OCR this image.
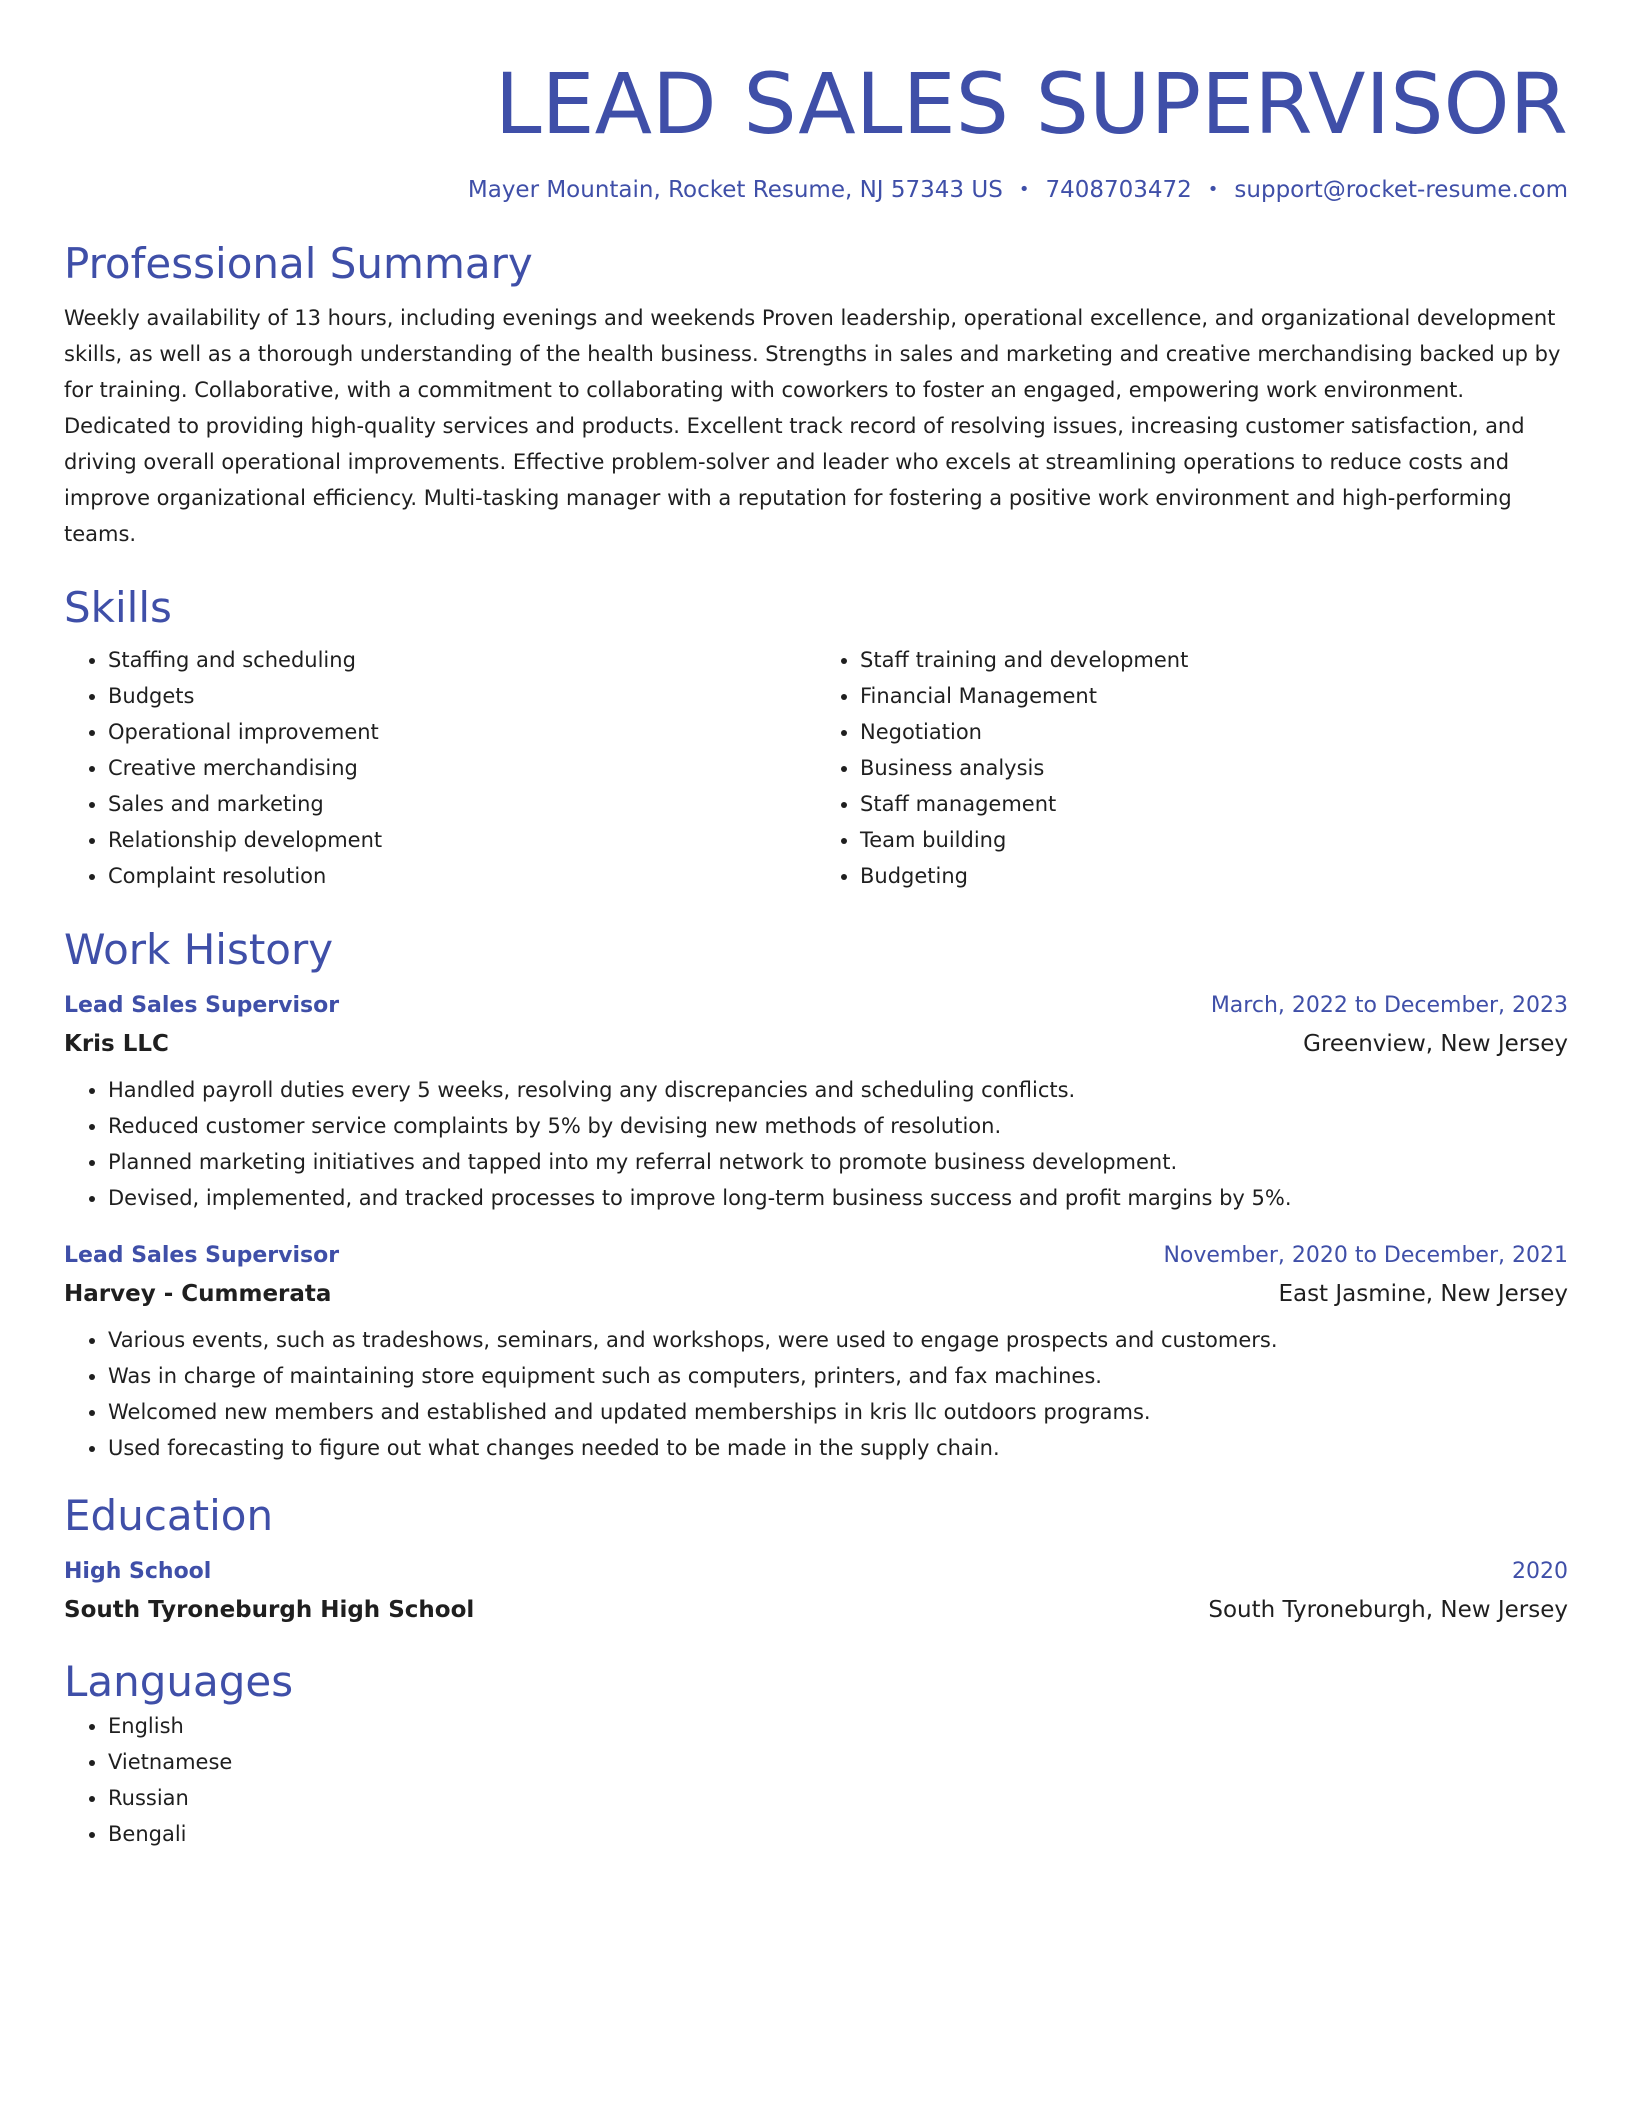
LEAD SALES SUPERVISOR
Mayer Mountain, Rocket Resume, NJ 57343 US • 7408703472 • support@rocket-resume.com
Professional Summary
Weekly availability of 13 hours, including evenings and weekends Proven leadership, operational excellence, and organizational development skills, as well as a thorough understanding of the health business. Strengths in sales and marketing and creative merchandising backed up by for training. Collaborative, with a commitment to collaborating with coworkers to foster an engaged, empowering work environment. Dedicated to providing high-quality services and products. Excellent track record of resolving issues, increasing customer satisfaction, and driving overall operational improvements. Effective problem-solver and leader who excels at streamlining operations to reduce costs and improve organizational efficiency. Multi-tasking manager with a reputation for fostering a positive work environment and high-performing teams.
Skills
• Staffing and scheduling
• Budgets
• Operational improvement
• Creative merchandising
• Sales and marketing
• Relationship development
• Complaint resolution
• Staff training and development
• Financial Management
• Negotiation
• Business analysis
• Staff management
• Team building
• Budgeting
Work History
Lead Sales Supervisor	March, 2022 to December, 2023
Kris LLC	Greenview, New Jersey
• Handled payroll duties every 5 weeks, resolving any discrepancies and scheduling conflicts.
• Reduced customer service complaints by 5% by devising new methods of resolution.
• Planned marketing initiatives and tapped into my referral network to promote business development.
• Devised, implemented, and tracked processes to improve long-term business success and profit margins by 5%.
Lead Sales Supervisor	November, 2020 to December, 2021
Harvey - Cummerata	East Jasmine, New Jersey
• Various events, such as tradeshows, seminars, and workshops, were used to engage prospects and customers.
• Was in charge of maintaining store equipment such as computers, printers, and fax machines.
• Welcomed new members and established and updated memberships in kris llc outdoors programs.
• Used forecasting to figure out what changes needed to be made in the supply chain.
Education
High School	2020
South Tyroneburgh High School	South Tyroneburgh, New Jersey
Languages
• English
• Vietnamese
• Russian
• Bengali
